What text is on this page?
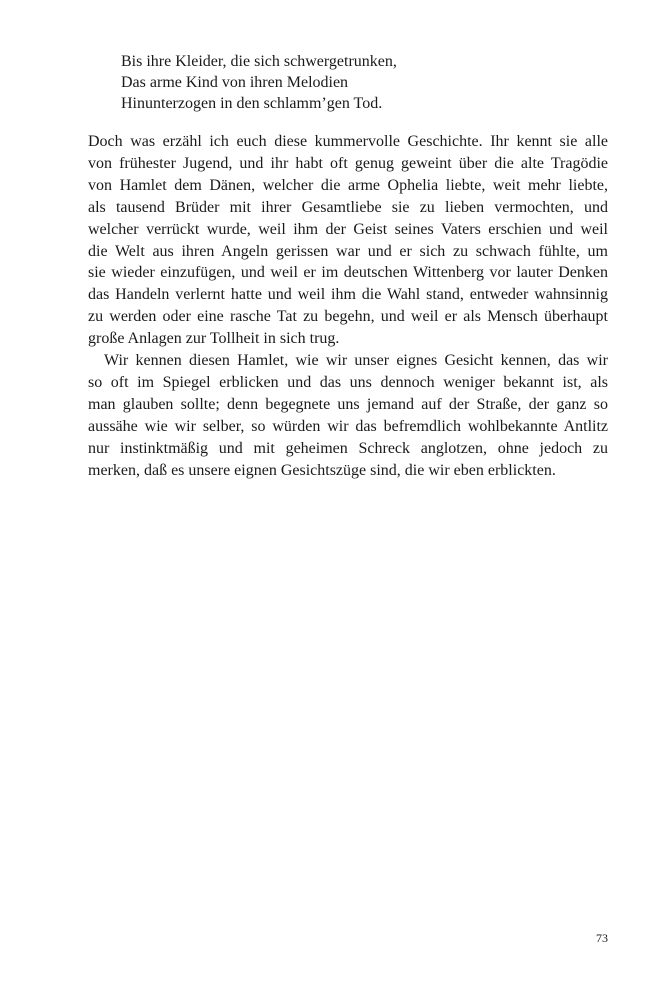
Bis ihre Kleider, die sich schwergetrunken,
Das arme Kind von ihren Melodien
Hinunterzogen in den schlamm’gen Tod.
Doch was erzähl ich euch diese kummervolle Geschichte. Ihr kennt sie alle
von frühester Jugend, und ihr habt oft genug geweint über die alte Tragödie
von Hamlet dem Dänen, welcher die arme Ophelia liebte, weit mehr liebte,
als tausend Brüder mit ihrer Gesamtliebe sie zu lieben vermochten, und
welcher verrückt wurde, weil ihm der Geist seines Vaters erschien und weil
die Welt aus ihren Angeln gerissen war und er sich zu schwach fühlte, um
sie wieder einzufügen, und weil er im deutschen Wittenberg vor lauter Denken
das Handeln verlernt hatte und weil ihm die Wahl stand, entweder wahnsinnig
zu werden oder eine rasche Tat zu begehn, und weil er als Mensch überhaupt
große Anlagen zur Tollheit in sich trug.
Wir kennen diesen Hamlet, wie wir unser eignes Gesicht kennen, das wir
so oft im Spiegel erblicken und das uns dennoch weniger bekannt ist, als
man glauben sollte; denn begegnete uns jemand auf der Straße, der ganz so
aussähe wie wir selber, so würden wir das befremdlich wohlbekannte Antlitz
nur instinktmäßig und mit geheimen Schreck anglotzen, ohne jedoch zu
merken, daß es unsere eignen Gesichtszüge sind, die wir eben erblickten.
73
